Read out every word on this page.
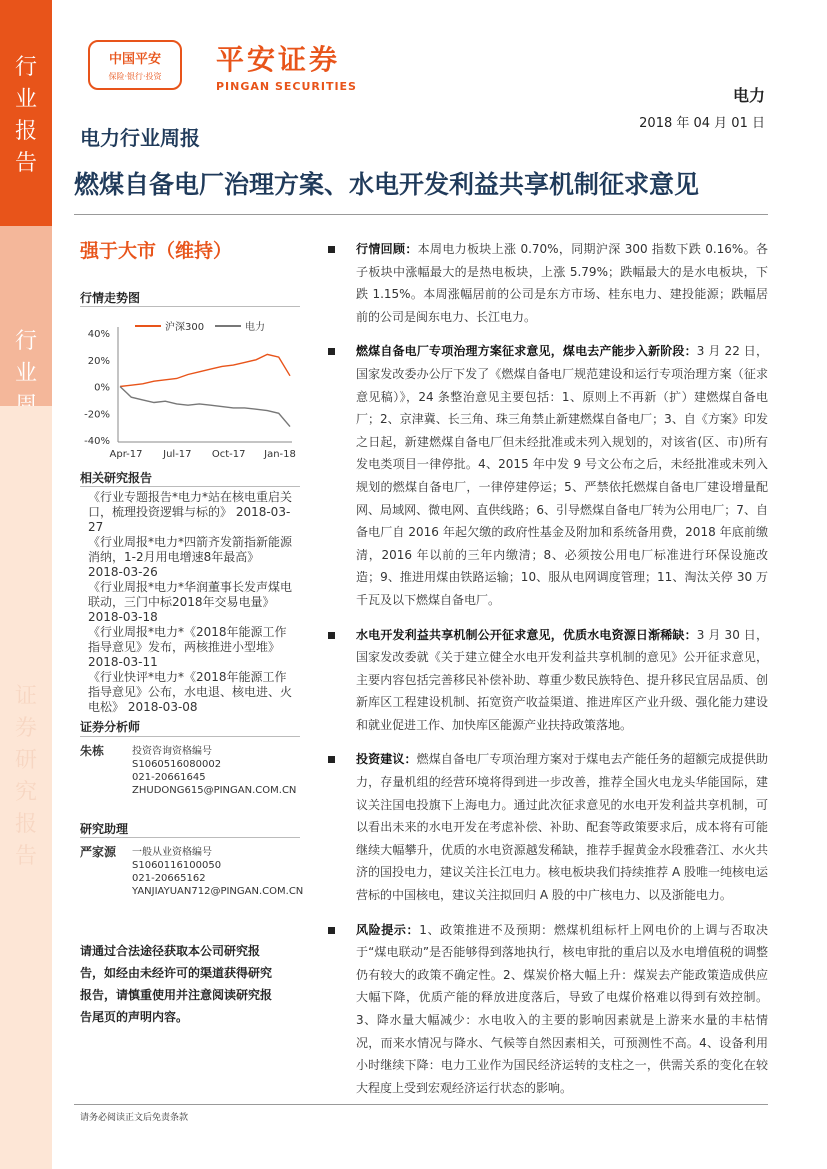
行业报告
行业
证券研究报告
中国平安
保险·银行·投资
平安证券
PINGAN SECURITIES	电力
2018 年 04 月 01 日
电力行业周报
燃煤自备电厂治理方案、水电开发利益共享机制征求意见
强于大市（维持）
行情走势图
40%
20%
0%
-20%
-40%
Apr-17 Jul-17 Oct-17 Jan-18
沪深300	电力
相关研究报告
《行业专题报告*电力*站在核电重启关口，梳理投资逻辑与标的》 2018-03-27
《行业周报*电力*四箭齐发箭指新能源消纳，1-2月用电增速8年最高》 2018-03-26
《行业周报*电力*华润董事长发声煤电联动，三门中标2018年交易电量》 2018-03-18
《行业周报*电力*《2018年能源工作指导意见》发布，两核推进小型堆》 2018-03-11
《行业快评*电力*《2018年能源工作指导意见》公布，水电退、核电进、火电松》 2018-03-08
证券分析师
朱栋	投资咨询资格编号
S1060516080002
021-20661645
ZHUDONG615@PINGAN.COM.CN
研究助理
严家源 一般从业资格编号
S1060116100050
021-20665162
YANJIAYUAN712@PINGAN.COM.CN
请通过合法途径获取本公司研究报告，如经由未经许可的渠道获得研究报告，请慎重使用并注意阅读研究报告尾页的声明内容。
行情回顾：本周电力板块上涨 0.70%，同期沪深 300 指数下跌 0.16%。各子板块中涨幅最大的是热电板块，上涨 5.79%；跌幅最大的是水电板块，下跌 1.15%。本周涨幅居前的公司是东方市场、桂东电力、建投能源；跌幅居前的公司是闽东电力、长江电力。
燃煤自备电厂专项治理方案征求意见，煤电去产能步入新阶段：3 月 22 日，国家发改委办公厅下发了《燃煤自备电厂规范建设和运行专项治理方案（征求意见稿）》，24 条整治意见主要包括：1、原则上不再新（扩）建燃煤自备电厂；2、京津冀、长三角、珠三角禁止新建燃煤自备电厂；3、自《方案》印发之日起，新建燃煤自备电厂但未经批准或未列入规划的，对该省(区、市)所有发电类项目一律停批。4、2015 年中发 9 号文公布之后，未经批准或未列入规划的燃煤自备电厂，一律停建停运；5、严禁依托燃煤自备电厂建设增量配网、局域网、微电网、直供线路；6、引导燃煤自备电厂转为公用电厂；7、自备电厂自 2016 年起欠缴的政府性基金及附加和系统备用费，2018 年底前缴清，2016 年以前的三年内缴清；8、必须按公用电厂标准进行环保设施改造；9、推进用煤由铁路运输；10、服从电网调度管理；11、淘汰关停 30 万千瓦及以下燃煤自备电厂。
水电开发利益共享机制公开征求意见，优质水电资源日渐稀缺：3 月 30 日，国家发改委就《关于建立健全水电开发利益共享机制的意见》公开征求意见，主要内容包括完善移民补偿补助、尊重少数民族特色、提升移民宜居品质、创新库区工程建设机制、拓宽资产收益渠道、推进库区产业升级、强化能力建设和就业促进工作、加快库区能源产业扶持政策落地。
投资建议：燃煤自备电厂专项治理方案对于煤电去产能任务的超额完成提供助力，存量机组的经营环境将得到进一步改善，推荐全国火电龙头华能国际，建议关注国电投旗下上海电力。通过此次征求意见的水电开发利益共享机制，可以看出未来的水电开发在考虑补偿、补助、配套等政策要求后，成本将有可能继续大幅攀升，优质的水电资源越发稀缺，推荐手握黄金水段雅砻江、水火共济的国投电力，建议关注长江电力。核电板块我们持续推荐 A 股唯一纯核电运营标的中国核电，建议关注拟回归 A 股的中广核电力、以及浙能电力。
风险提示：1、政策推进不及预期：燃煤机组标杆上网电价的上调与否取决于“煤电联动”是否能够得到落地执行，核电审批的重启以及水电增值税的调整仍有较大的政策不确定性。2、煤炭价格大幅上升：煤炭去产能政策造成供应大幅下降，优质产能的释放进度落后，导致了电煤价格难以得到有效控制。3、降水量大幅减少：水电收入的主要的影响因素就是上游来水量的丰枯情况，而来水情况与降水、气候等自然因素相关，可预测性不高。4、设备利用小时继续下降：电力工业作为国民经济运转的支柱之一，供需关系的变化在较大程度上受到宏观经济运行状态的影响。
请务必阅读正文后免责条款
